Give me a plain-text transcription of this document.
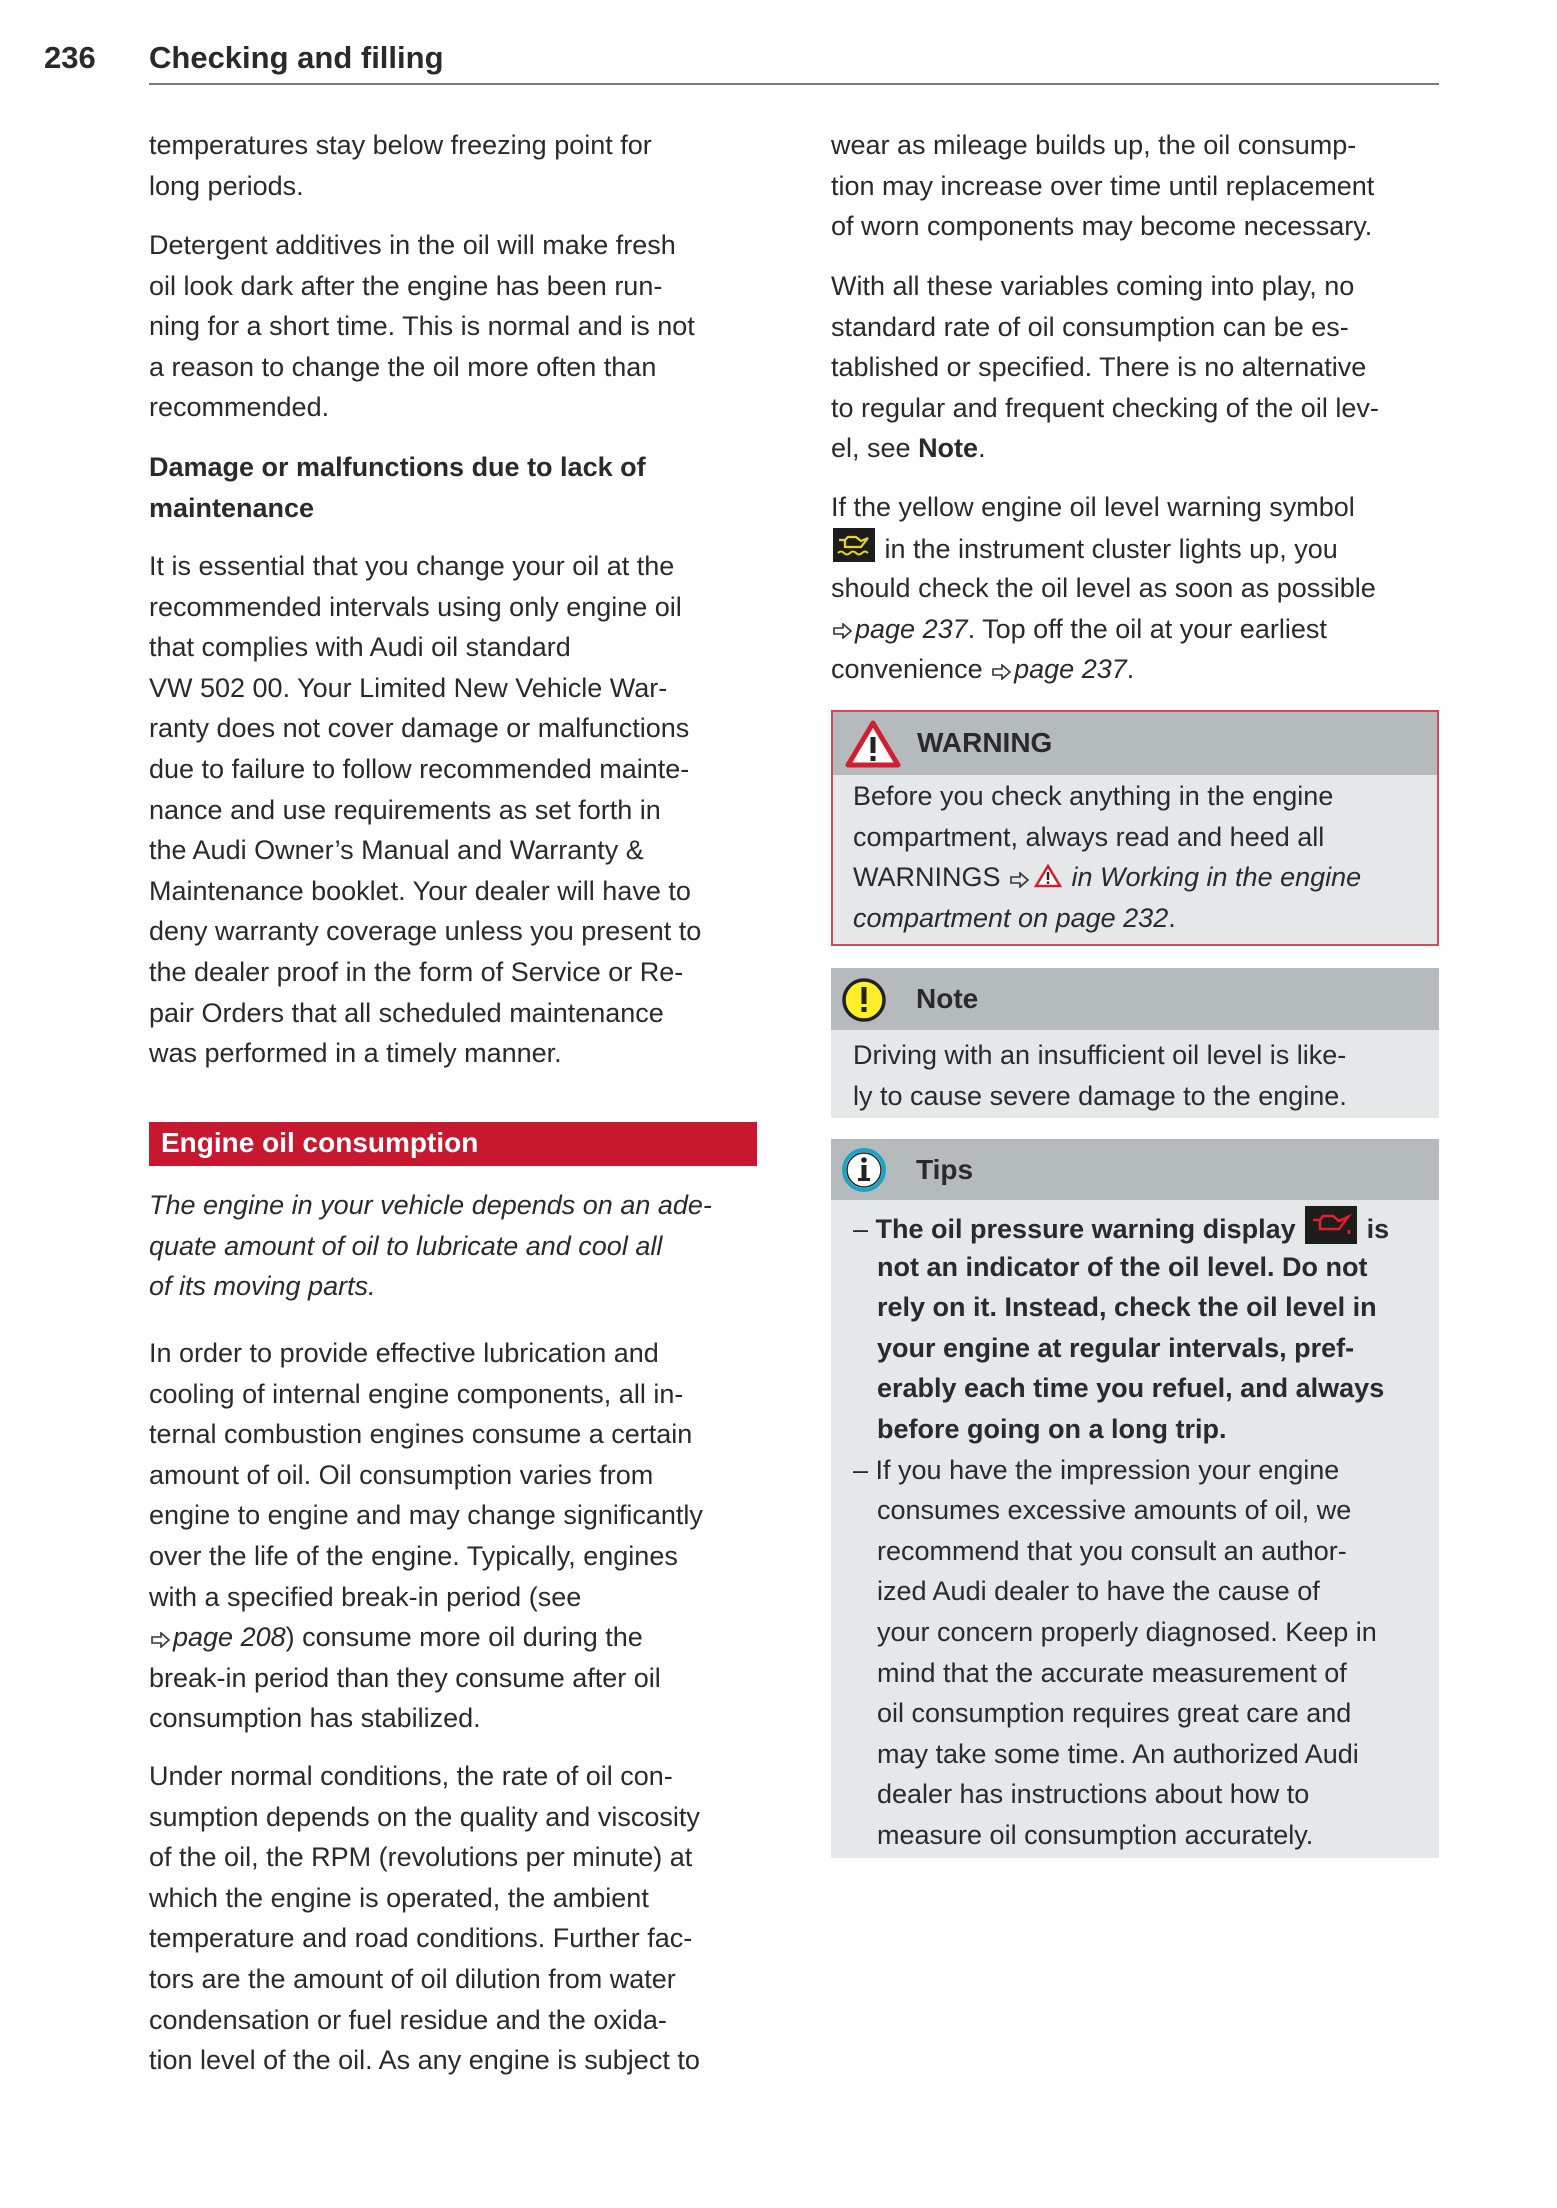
236 Checking and filling
temperatures stay below freezing point for
long periods.
Detergent additives in the oil will make fresh
oil look dark after the engine has been run-
ning for a short time. This is normal and is not
a reason to change the oil more often than
recommended.
Damage or malfunctions due to lack of
maintenance
It is essential that you change your oil at the
recommended intervals using only engine oil
that complies with Audi oil standard
VW 502 00. Your Limited New Vehicle War-
ranty does not cover damage or malfunctions
due to failure to follow recommended mainte-
nance and use requirements as set forth in
the Audi Owner’s Manual and Warranty &
Maintenance booklet. Your dealer will have to
deny warranty coverage unless you present to
the dealer proof in the form of Service or Re-
pair Orders that all scheduled maintenance
was performed in a timely manner.
Engine oil consumption
The engine in your vehicle depends on an ade-
quate amount of oil to lubricate and cool all
of its moving parts.
In order to provide effective lubrication and
cooling of internal engine components, all in-
ternal combustion engines consume a certain
amount of oil. Oil consumption varies from
engine to engine and may change significantly
over the life of the engine. Typically, engines
with a specified break-in period (see
page 208) consume more oil during the
break-in period than they consume after oil
consumption has stabilized.
Under normal conditions, the rate of oil con-
sumption depends on the quality and viscosity
of the oil, the RPM (revolutions per minute) at
which the engine is operated, the ambient
temperature and road conditions. Further fac-
tors are the amount of oil dilution from water
condensation or fuel residue and the oxida-
tion level of the oil. As any engine is subject to
wear as mileage builds up, the oil consump-
tion may increase over time until replacement
of worn components may become necessary.
With all these variables coming into play, no
standard rate of oil consumption can be es-
tablished or specified. There is no alternative
to regular and frequent checking of the oil lev-
el, see Note.
If the yellow engine oil level warning symbol
in the instrument cluster lights up, you
should check the oil level as soon as possible
page 237. Top off the oil at your earliest
convenience page 237.
WARNING
Before you check anything in the engine
compartment, always read and heed all
WARNINGS  in Working in the engine
compartment on page 232.
Note
Driving with an insufficient oil level is like-
ly to cause severe damage to the engine.
Tips
– The oil pressure warning display  is
not an indicator of the oil level. Do not
rely on it. Instead, check the oil level in
your engine at regular intervals, pref-
erably each time you refuel, and always
before going on a long trip.
– If you have the impression your engine
consumes excessive amounts of oil, we
recommend that you consult an author-
ized Audi dealer to have the cause of
your concern properly diagnosed. Keep in
mind that the accurate measurement of
oil consumption requires great care and
may take some time. An authorized Audi
dealer has instructions about how to
measure oil consumption accurately.
